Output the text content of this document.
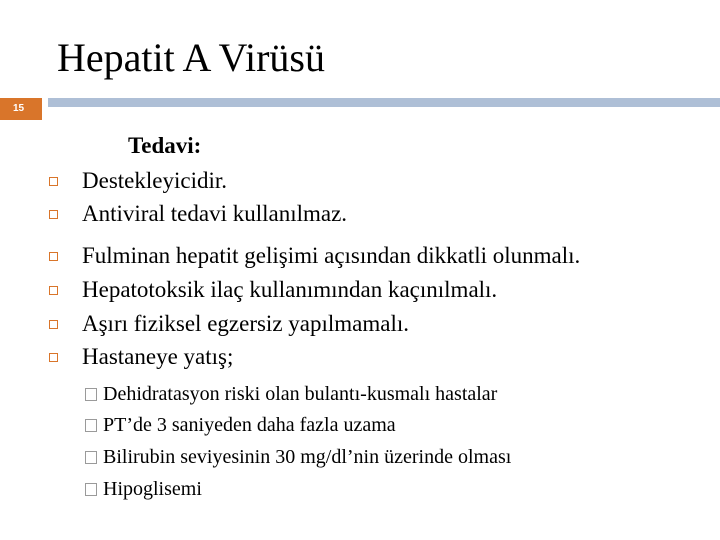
Hepatit A Virüsü
15
Tedavi:
Destekleyicidir.
Antiviral tedavi kullanılmaz.
Fulminan hepatit gelişimi açısından dikkatli olunmalı.
Hepatotoksik ilaç kullanımından kaçınılmalı.
Aşırı fiziksel egzersiz yapılmamalı.
Hastaneye yatış;
Dehidratasyon riski olan bulantı-kusmalı hastalar
PT’de 3 saniyeden daha fazla uzama
Bilirubin seviyesinin 30 mg/dl’nin üzerinde olması
Hipoglisemi
